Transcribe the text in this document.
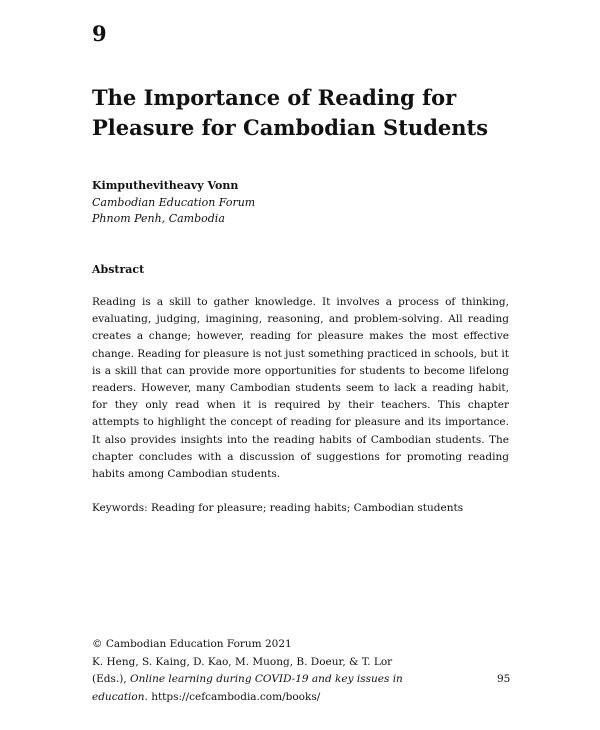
9
The Importance of Reading for Pleasure for Cambodian Students
Kimputhevitheavy Vonn
Cambodian Education Forum
Phnom Penh, Cambodia
Abstract

Reading is a skill to gather knowledge. It involves a process of thinking, evaluating, judging, imagining, reasoning, and problem-solving. All reading creates a change; however, reading for pleasure makes the most effective change. Reading for pleasure is not just something practiced in schools, but it is a skill that can provide more opportunities for students to become lifelong readers. However, many Cambodian students seem to lack a reading habit, for they only read when it is required by their teachers. This chapter attempts to highlight the concept of reading for pleasure and its importance. It also provides insights into the reading habits of Cambodian students. The chapter concludes with a discussion of suggestions for promoting reading habits among Cambodian students.

Keywords: Reading for pleasure; reading habits; Cambodian students
© Cambodian Education Forum 2021
K. Heng, S. Kaing, D. Kao, M. Muong, B. Doeur, & T. Lor
(Eds.), Online learning during COVID-19 and key issues in
education. https://cefcambodia.com/books/
95
